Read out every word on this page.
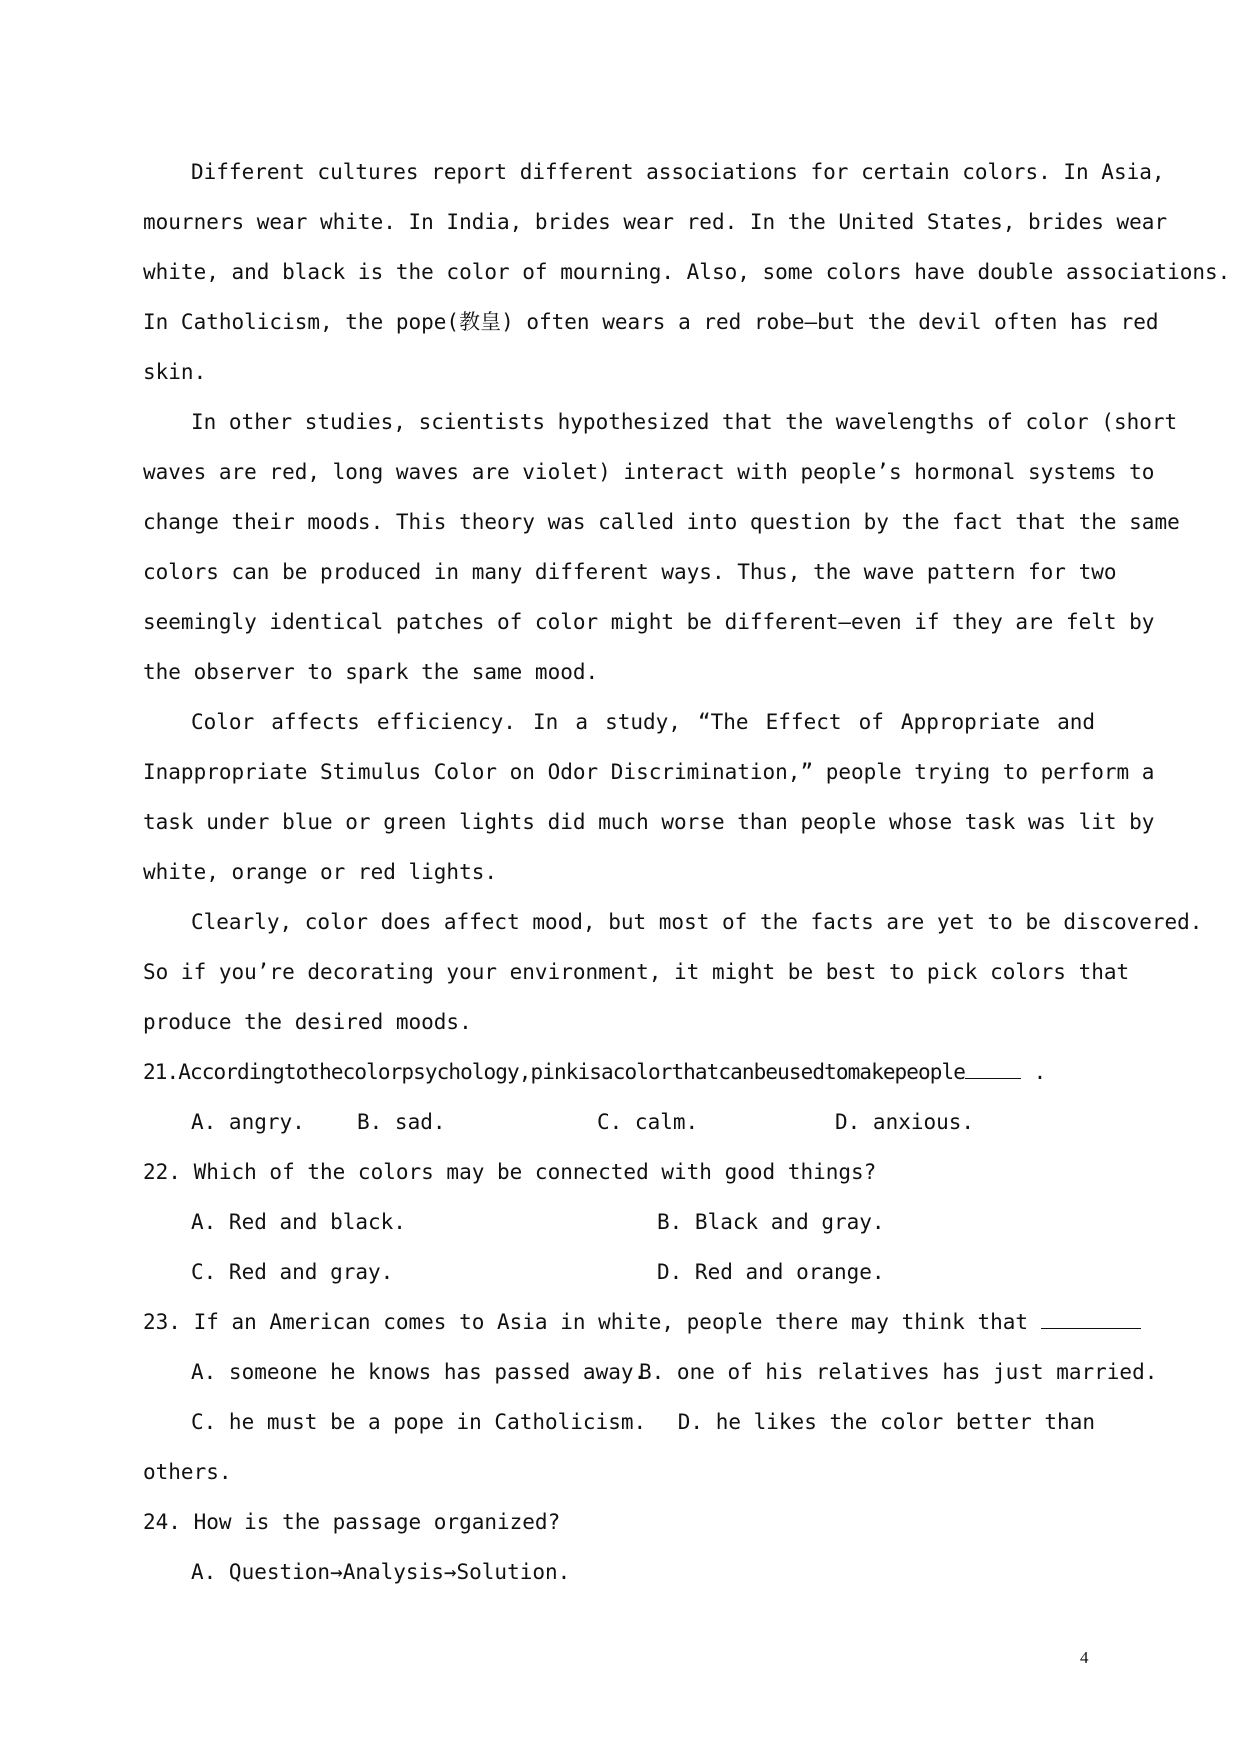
Different cultures report different associations for certain colors. In Asia,
mourners wear white. In India, brides wear red. In the United States, brides wear
white, and black is the color of mourning. Also, some colors have double associations.
In Catholicism, the pope(教皇) often wears a red robe—but the devil often has red
skin.
In other studies, scientists hypothesized that the wavelengths of color (short
waves are red, long waves are violet) interact with people’s hormonal systems to
change their moods. This theory was called into question by the fact that the same
colors can be produced in many different ways. Thus, the wave pattern for two
seemingly identical patches of color might be different—even if they are felt by
the observer to spark the same mood.
Color affects efficiency. In a study, “The Effect of Appropriate and
Inappropriate Stimulus Color on Odor Discrimination,” people trying to perform a
task under blue or green lights did much worse than people whose task was lit by
white, orange or red lights.
Clearly, color does affect mood, but most of the facts are yet to be discovered.
So if you’re decorating your environment, it might be best to pick colors that
produce the desired moods.
21.Accordingtothecolorpsychology,pinkisacolorthatcanbeusedtomakepeople	.
A. angry.	B. sad.	C. calm.	D. anxious.
22. Which of the colors may be connected with good things?
A. Red and black.	B. Black and gray.
C. Red and gray.	D. Red and orange.
23. If an American comes to Asia in white, people there may think that
A. someone he knows has passed away.
B. one of his relatives has just married.
C. he must be a pope in Catholicism.	D. he likes the color better than
others.
24. How is the passage organized?
A. Question→Analysis→Solution.
4
